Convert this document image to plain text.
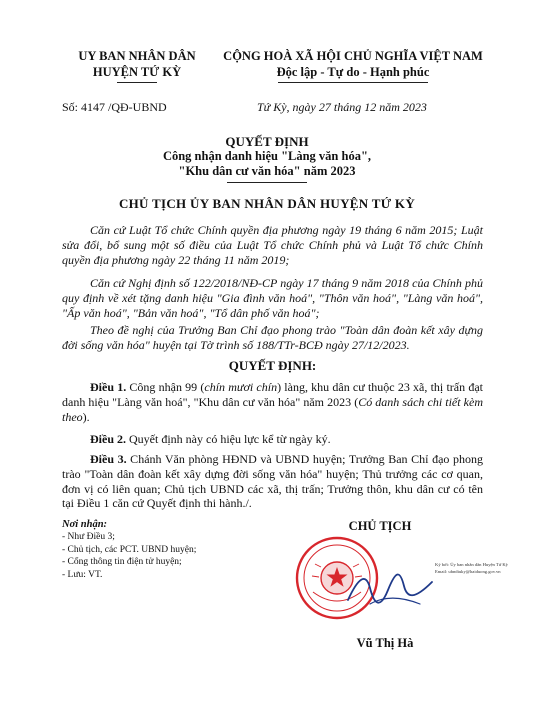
UY BAN NHÂN DÂN
HUYỆN TỨ KỲ
CỘNG HOÀ XÃ HỘI CHỦ NGHĨA VIỆT NAM
Độc lập - Tự do - Hạnh phúc
Số: 4147 /QĐ-UBND	Tứ Kỳ, ngày 27 tháng 12 năm 2023
QUYẾT ĐỊNH
Công nhận danh hiệu "Làng văn hóa",
"Khu dân cư văn hóa" năm 2023
CHỦ TỊCH ỦY BAN NHÂN DÂN HUYỆN TỨ KỲ
Căn cứ Luật Tổ chức Chính quyền địa phương ngày 19 tháng 6 năm 2015; Luật sửa đổi, bổ sung một số điều của Luật Tổ chức Chính phủ và Luật Tổ chức Chính quyền địa phương ngày 22 tháng 11 năm 2019;
Căn cứ Nghị định số 122/2018/NĐ-CP ngày 17 tháng 9 năm 2018 của Chính phủ quy định về xét tặng danh hiệu "Gia đình văn hoá", "Thôn văn hoá", "Làng văn hoá", "Ấp văn hoá", "Bản văn hoá", "Tổ dân phố văn hoá";
Theo đề nghị của Trưởng Ban Chỉ đạo phong trào "Toàn dân đoàn kết xây dựng đời sống văn hóa" huyện tại Tờ trình số 188/TTr-BCĐ ngày 27/12/2023.
QUYẾT ĐỊNH:
Điều 1. Công nhận 99 (chín mươi chín) làng, khu dân cư thuộc 23 xã, thị trấn đạt danh hiệu "Làng văn hoá", "Khu dân cư văn hóa" năm 2023 (Có danh sách chi tiết kèm theo).
Điều 2. Quyết định này có hiệu lực kể từ ngày ký.
Điều 3. Chánh Văn phòng HĐND và UBND huyện; Trưởng Ban Chỉ đạo phong trào "Toàn dân đoàn kết xây dựng đời sống văn hóa" huyện; Thủ trưởng các cơ quan, đơn vị có liên quan; Chủ tịch UBND các xã, thị trấn; Trưởng thôn, khu dân cư có tên tại Điều 1 căn cứ Quyết định thi hành./.
Nơi nhận:
- Như Điều 3;
- Chủ tịch, các PCT. UBND huyện;
- Cổng thông tin điện tử huyện;
- Lưu: VT.
CHỦ TỊCH
Vũ Thị Hà
Ký bởi: Ủy ban nhân dân Huyện Tứ Kỳ
Email: ubndtuky@haiduong.gov.vn
